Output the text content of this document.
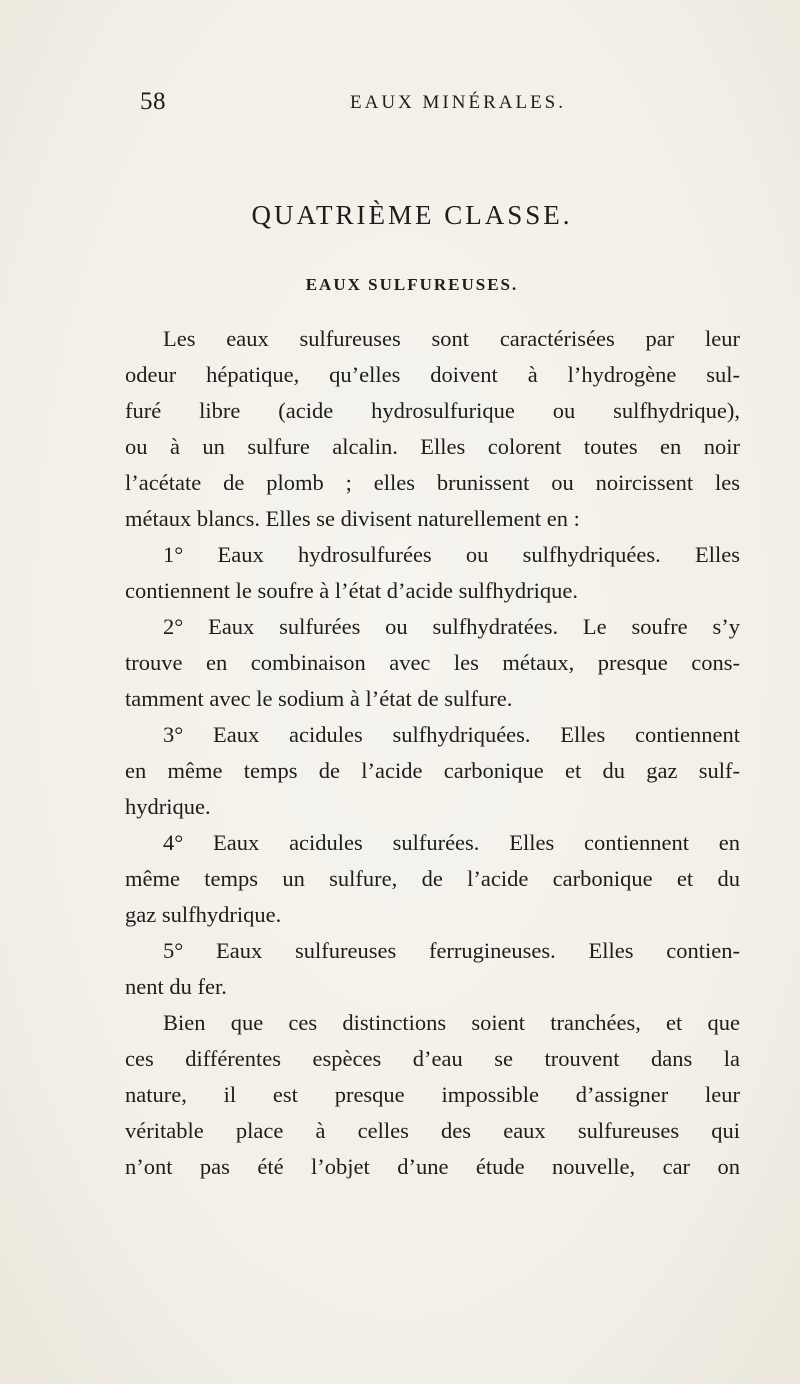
58	EAUX MINÉRALES.
QUATRIÈME CLASSE.
EAUX SULFUREUSES.
Les eaux sulfureuses sont caractérisées par leur
odeur hépatique, qu’elles doivent à l’hydrogène sul-
furé libre (acide hydrosulfurique ou sulfhydrique),
ou à un sulfure alcalin. Elles colorent toutes en noir
l’acétate de plomb ; elles brunissent ou noircissent les
métaux blancs. Elles se divisent naturellement en :
1° Eaux hydrosulfurées ou sulfhydriquées. Elles
contiennent le soufre à l’état d’acide sulfhydrique.
2° Eaux sulfurées ou sulfhydratées. Le soufre s’y
trouve en combinaison avec les métaux, presque cons-
tamment avec le sodium à l’état de sulfure.
3° Eaux acidules sulfhydriquées. Elles contiennent
en même temps de l’acide carbonique et du gaz sulf-
hydrique.
4° Eaux acidules sulfurées. Elles contiennent en
même temps un sulfure, de l’acide carbonique et du
gaz sulfhydrique.
5° Eaux sulfureuses ferrugineuses. Elles contien-
nent du fer.
Bien que ces distinctions soient tranchées, et que
ces différentes espèces d’eau se trouvent dans la
nature, il est presque impossible d’assigner leur
véritable place à celles des eaux sulfureuses qui
n’ont pas été l’objet d’une étude nouvelle, car on
